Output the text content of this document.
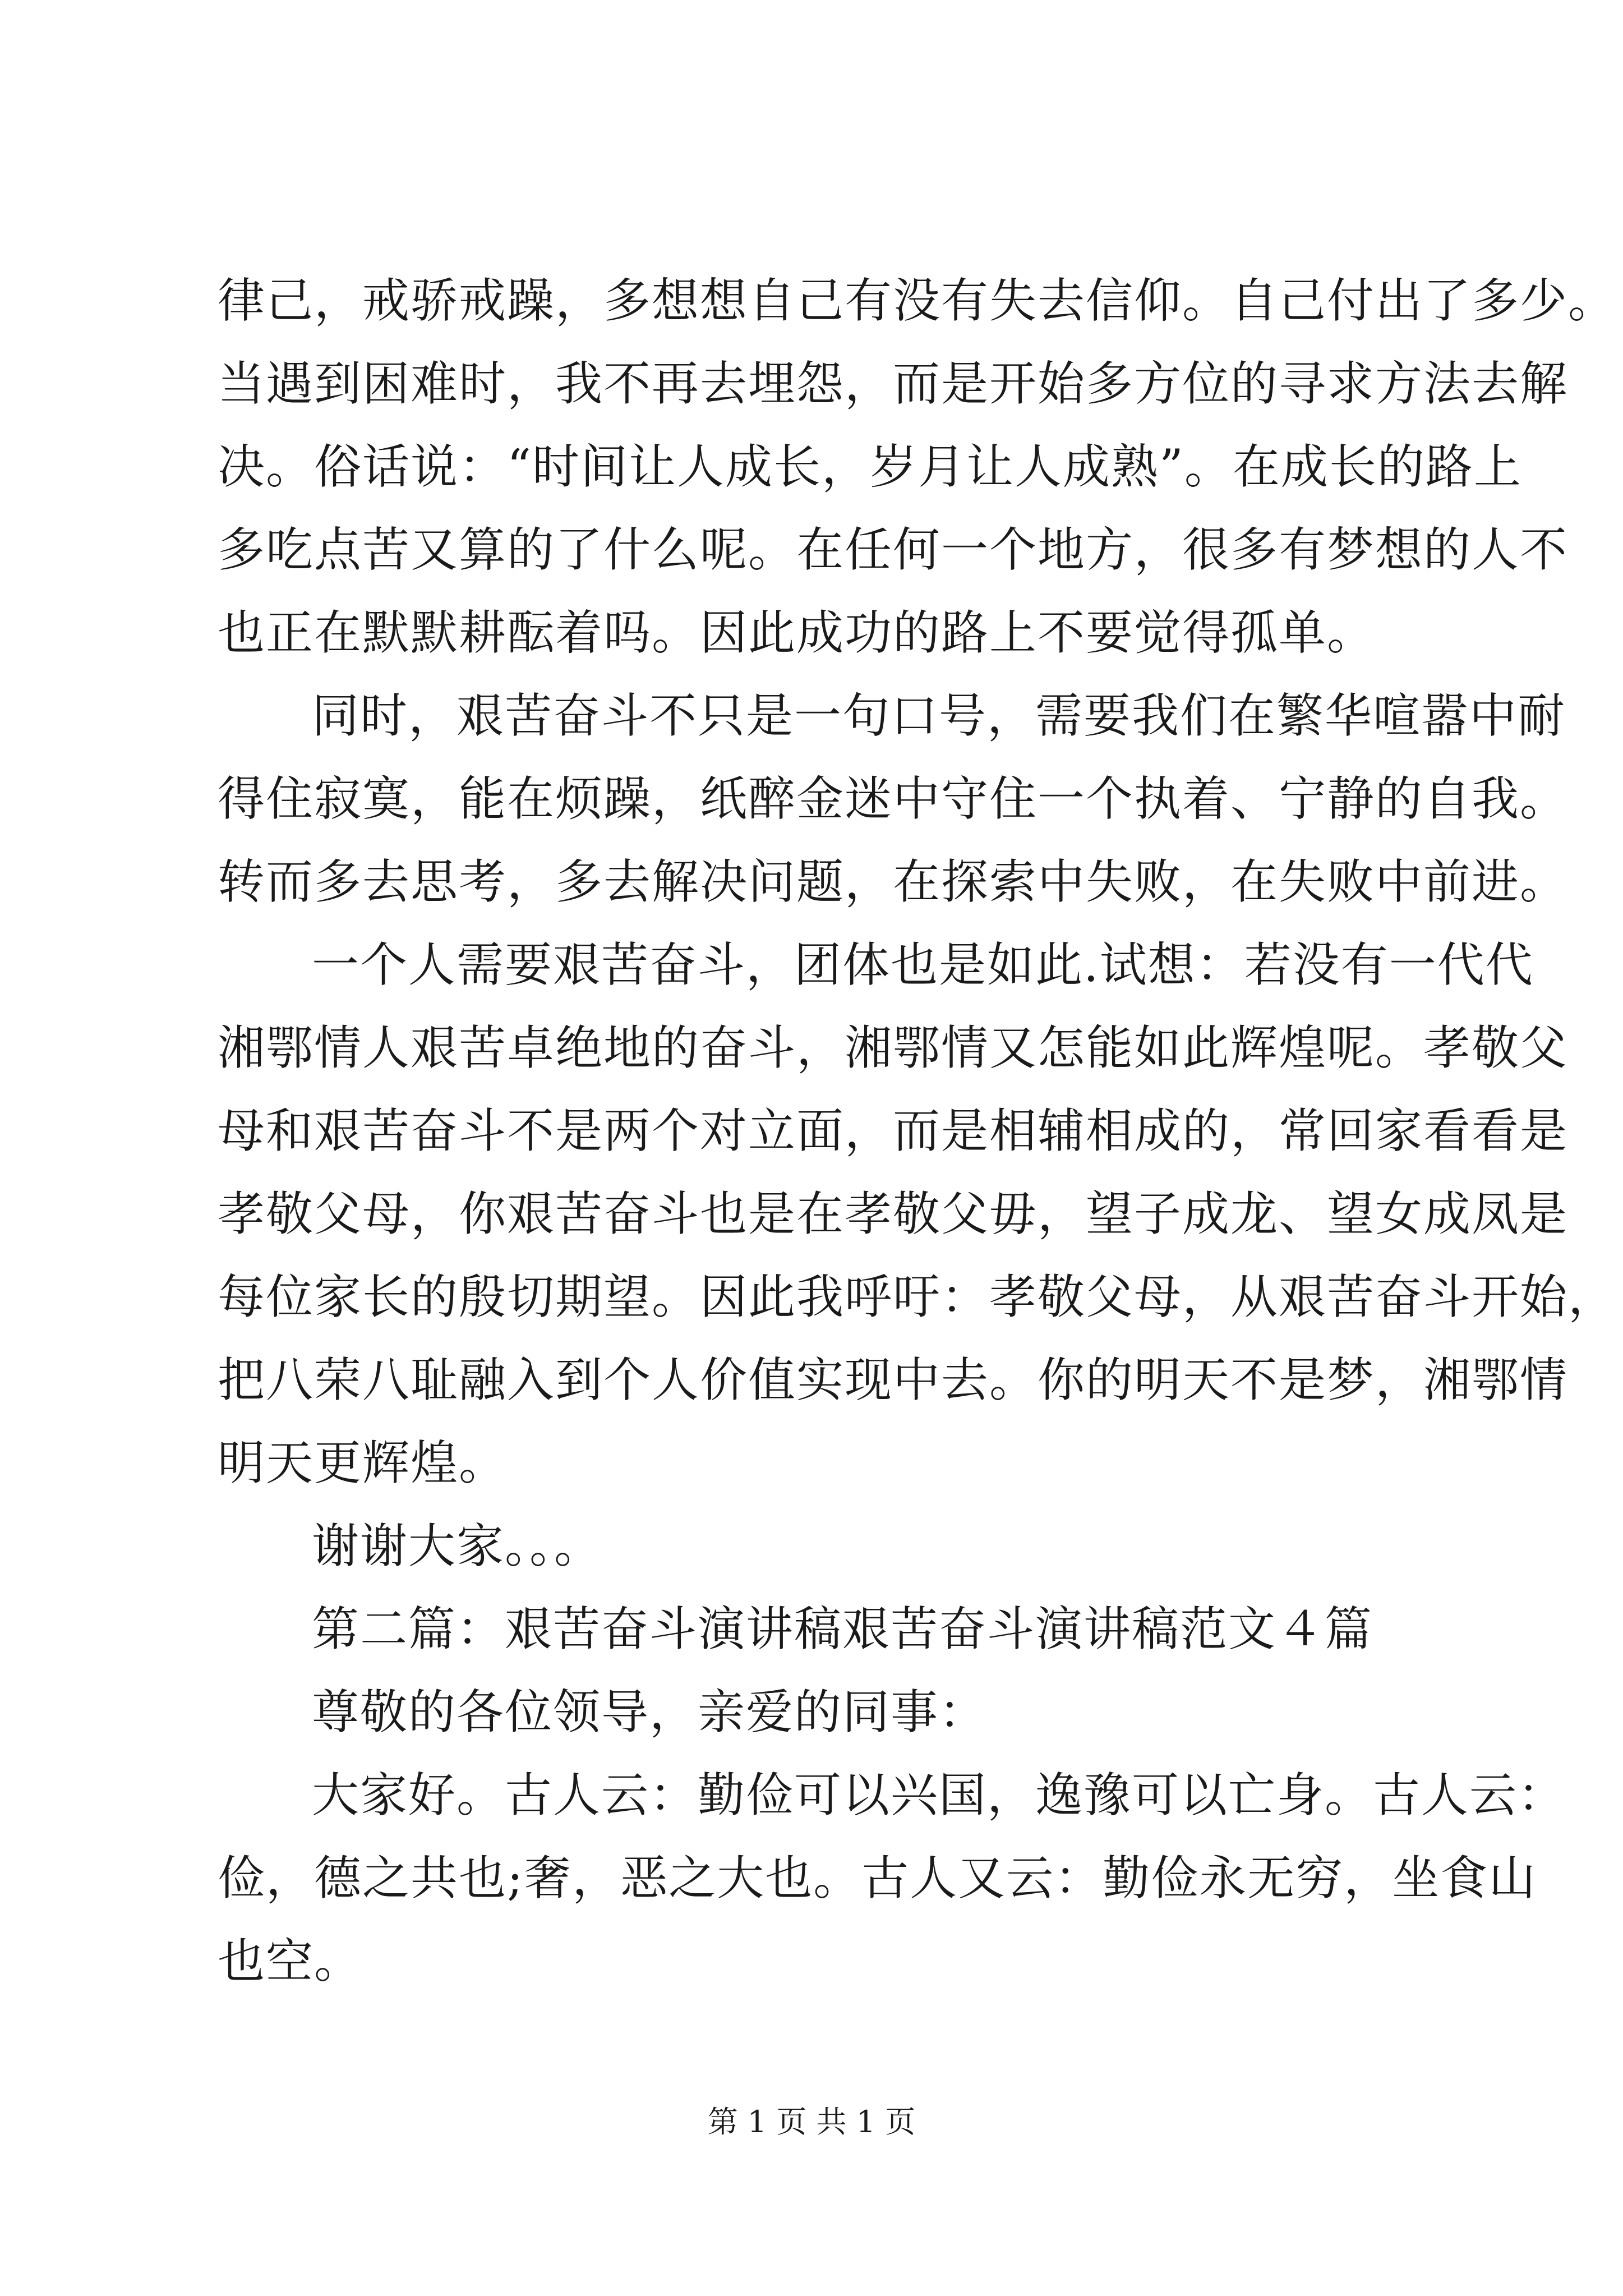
律己，戒骄戒躁，多想想自己有没有失去信仰。自己付出了多少。
当遇到困难时，我不再去埋怨，而是开始多方位的寻求方法去解
决。俗话说：“时间让人成长，岁月让人成熟”。在成长的路上
多吃点苦又算的了什么呢。在任何一个地方，很多有梦想的人不
也正在默默耕酝着吗。因此成功的路上不要觉得孤单。
同时，艰苦奋斗不只是一句口号，需要我们在繁华喧嚣中耐
得住寂寞，能在烦躁，纸醉金迷中守住一个执着、宁静的自我。
转而多去思考，多去解决问题，在探索中失败，在失败中前进。
一个人需要艰苦奋斗，团体也是如此.试想：若没有一代代
湘鄂情人艰苦卓绝地的奋斗，湘鄂情又怎能如此辉煌呢。孝敬父
母和艰苦奋斗不是两个对立面，而是相辅相成的，常回家看看是
孝敬父母，你艰苦奋斗也是在孝敬父毋，望子成龙、望女成凤是
每位家长的殷切期望。因此我呼吁：孝敬父母，从艰苦奋斗开始，
把八荣八耻融入到个人价值实现中去。你的明天不是梦，湘鄂情
明天更辉煌。
谢谢大家。。。
第二篇：艰苦奋斗演讲稿艰苦奋斗演讲稿范文４篇
尊敬的各位领导，亲爱的同事：
大家好。古人云：勤俭可以兴国，逸豫可以亡身。古人云：
俭，德之共也;奢，恶之大也。古人又云：勤俭永无穷，坐食山
也空。
第 1 页 共 1 页
